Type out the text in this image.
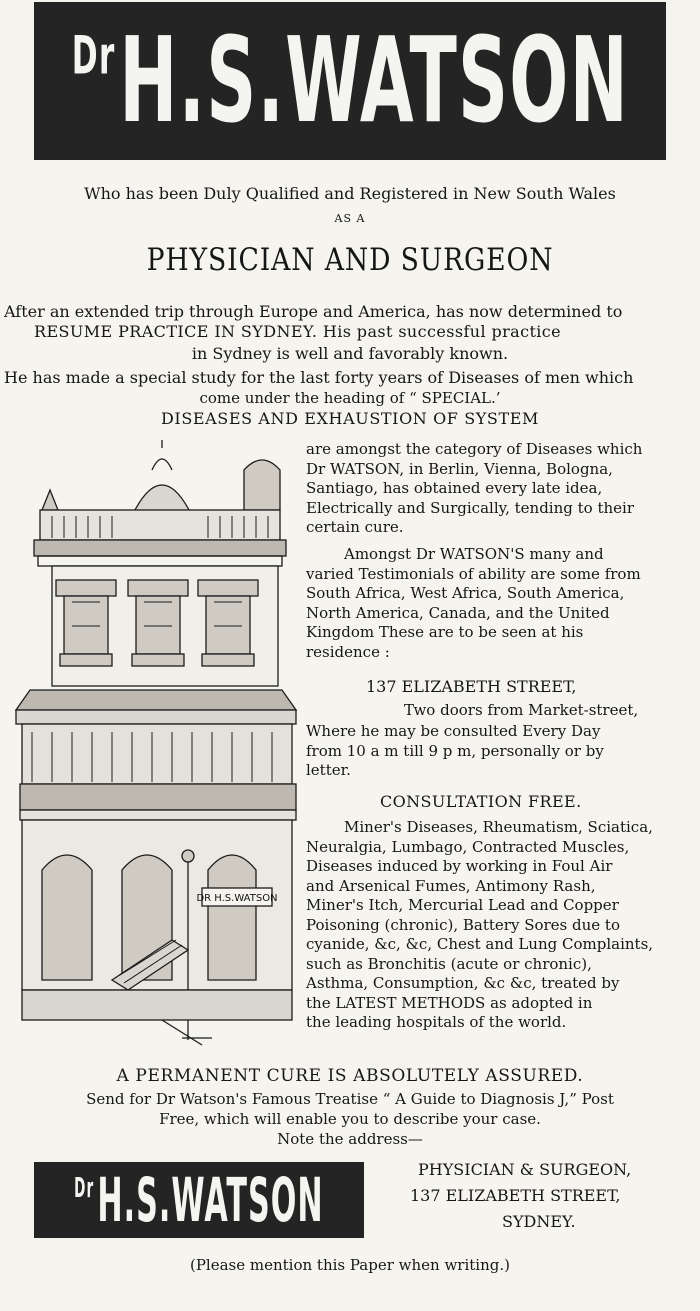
$^{Dr}$H.S.WATSON
Who has been Duly Qualified and Registered in New South Wales
AS A
PHYSICIAN AND SURGEON
After an extended trip through Europe and America, has now determined to
RESUME PRACTICE IN SYDNEY. His past successful practice
in Sydney is well and favorably known.
He has made a special study for the last forty years of Diseases of men which
come under the heading of “ SPECIAL.’
DISEASES AND EXHAUSTION OF SYSTEM
DR H.S.WATSON
are amongst the category of Diseases which
Dr WATSON, in Berlin, Vienna, Bologna,
Santiago, has obtained every late idea,
Electrically and Surgically, tending to their
certain cure.
Amongst Dr WATSON'S many and
varied Testimonials of ability are some from
South Africa, West Africa, South America,
North America, Canada, and the United
Kingdom These are to be seen at his
residence :
137 ELIZABETH STREET,
Two doors from Market-street,
Where he may be consulted Every Day
from 10 a m till 9 p m, personally or by
letter.
CONSULTATION FREE.
Miner's Diseases, Rheumatism, Sciatica,
Neuralgia, Lumbago, Contracted Muscles,
Diseases induced by working in Foul Air
and Arsenical Fumes, Antimony Rash,
Miner's Itch, Mercurial Lead and Copper
Poisoning (chronic), Battery Sores due to
cyanide, &c, &c, Chest and Lung Complaints,
such as Bronchitis (acute or chronic),
Asthma, Consumption, &c &c, treated by
the LATEST METHODS as adopted in
the leading hospitals of the world.
A PERMANENT CURE IS ABSOLUTELY ASSURED.
Send for Dr Watson's Famous Treatise “ A Guide to Diagnosis J,” Post
Free, which will enable you to describe your case.
Note the address—
$^{Dr}$H.S.WATSON	PHYSICIAN & SURGEON,
137 ELIZABETH STREET,
SYDNEY.
(Please mention this Paper when writing.)
